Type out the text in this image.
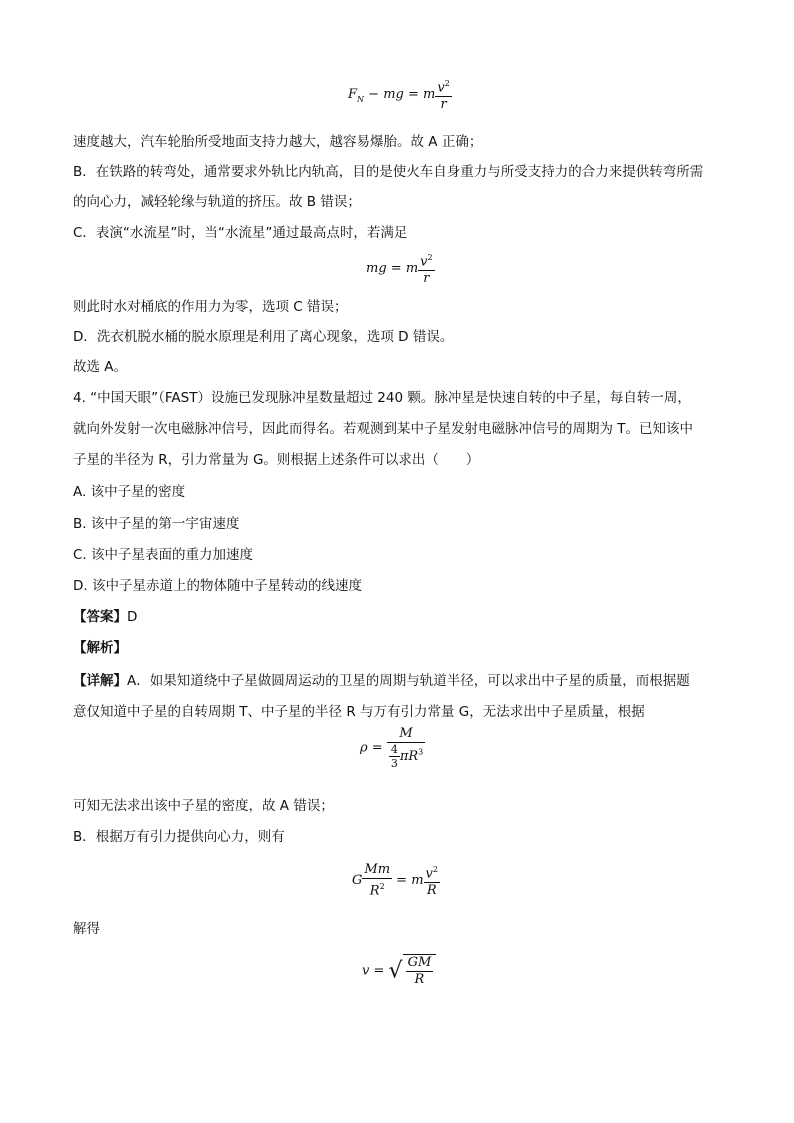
$F_N$ − mg = m $\frac{v^2}{r}$
速度越大，汽车轮胎所受地面支持力越大，越容易爆胎。故 A 正确；
B．在铁路的转弯处，通常要求外轨比内轨高，目的是使火车自身重力与所受支持力的合力来提供转弯所需
的向心力，减轻轮缘与轨道的挤压。故 B 错误；
C．表演“水流星”时，当“水流星”通过最高点时，若满足
mg = m $\frac{v^2}{r}$
则此时水对桶底的作用力为零，选项 C 错误；
D．洗衣机脱水桶的脱水原理是利用了离心现象，选项 D 错误。
故选 A。
4. “中国天眼”（FAST）设施已发现脉冲星数量超过 240 颗。脉冲星是快速自转的中子星，每自转一周，
就向外发射一次电磁脉冲信号，因此而得名。若观测到某中子星发射电磁脉冲信号的周期为 T。已知该中
子星的半径为 R，引力常量为 G。则根据上述条件可以求出（　　）
A. 该中子星的密度
B. 该中子星的第一宇宙速度
C. 该中子星表面的重力加速度
D. 该中子星赤道上的物体随中子星转动的线速度
【答案】D
【解析】
【详解】A．如果知道绕中子星做圆周运动的卫星的周期与轨道半径，可以求出中子星的质量，而根据题
意仅知道中子星的自转周期 T、中子星的半径 R 与万有引力常量 G，无法求出中子星质量，根据
$\rho = \frac{M}{\frac{4}{3} \pi R^3}$
可知无法求出该中子星的密度，故 A 错误；
B．根据万有引力提供向心力，则有
G $\frac{Mm}{R^2} = m \frac{v^2}{R}$
解得
v = √ $\frac{GM}{R}$
